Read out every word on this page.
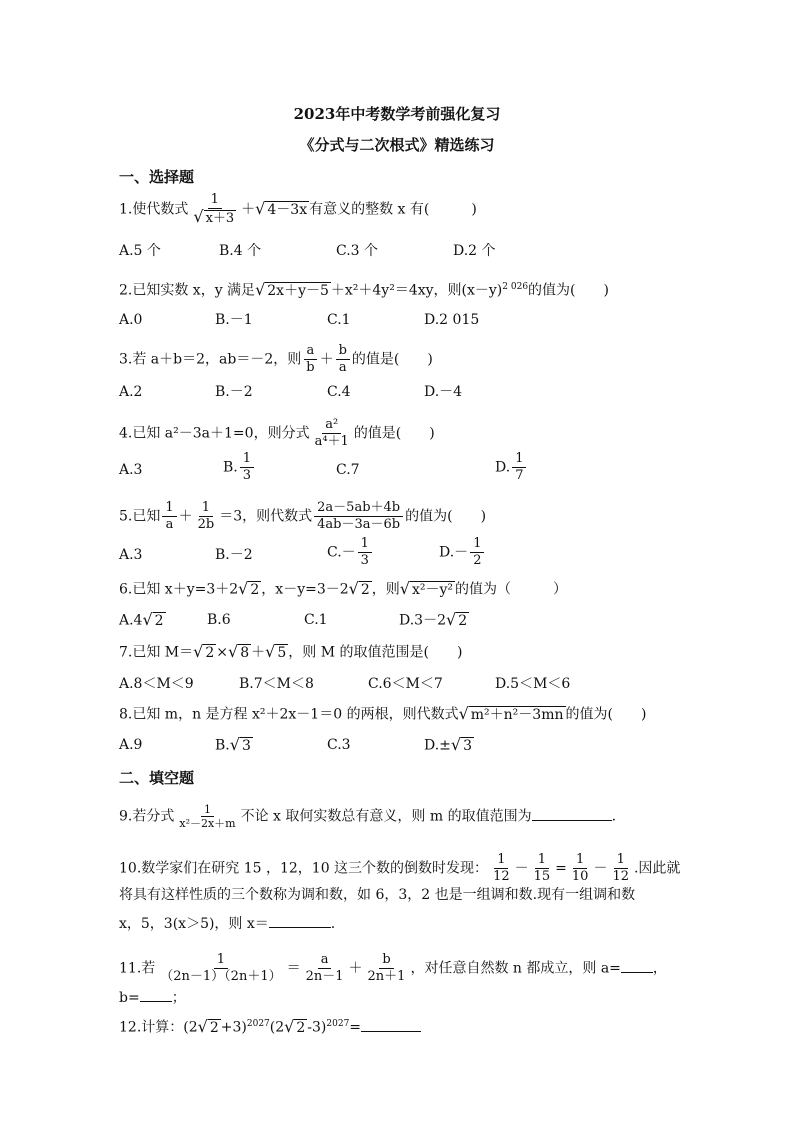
2023年中考数学考前强化复习
《分式与二次根式》精选练习
一、选择题
1.使代数式 $\frac{1}{√ x+3}$ ＋√ 4－3x 有意义的整数 x 有(　　　)
A.5 个	B.4 个	C.3 个	D.2 个
2.已知实数 x，y 满足√ 2x＋y－5 ＋x²＋4y²＝4xy，则$(x-y)^{2 026}$的值为(　　)
A.0	B.－1	C.1	D.2 015
3.若 a＋b＝2，ab＝－2，则 $\frac{a}{b} + \frac{b}{a}$ 的值是(　　)
A.2	B.－2	C.4	D.－4
4.已知 a²－3a＋1=0，则分式 $\frac{\text{a²}}{\text{a⁴＋1}}$ 的值是(　　)
A.3	B. $\frac{1}{3}$	C.7	D. $\frac{1}{7}$
5.已知 $\frac{1}{a} + \frac{1}{2b} =3$，则代数式 $\frac{2a-5ab+4b}{4ab-3a-6b}$ 的值为(　　)
A.3	B.－2	$C.- \frac{1}{3}$	$D.- \frac{1}{2}$
6.已知 x＋y=3＋2√ 2 ，x－y=3－2√ 2 ，则√ x²－y² 的值为（　　　）
A.4√ 2	B.6	C.1	D.3－2√ 2
7.已知 M＝√ 2 ×√ 8 ＋√ 5 ，则 M 的取值范围是(　　)
A.8＜M＜9	B.7＜M＜8	C.6＜M＜7	D.5＜M＜6
8.已知 m，n 是方程 x²＋2x－1＝0 的两根，则代数式√ m²＋n²－3mn 的值为(　　)
A.9	B.√ 3	C.3	D.±√ 3
二、填空题
9.若分式 $\frac{1}{\text{x²－2x＋m}}$ 不论 x 取何实数总有意义，则 m 的取值范围为	.
10.数学家们在研究 15 ，12，10 这三个数的倒数时发现： $\frac{1}{12} - \frac{1}{15} = \frac{1}{10} - \frac{1}{12}$ .因此就
将具有这样性质的三个数称为调和数，如 6，3，2 也是一组调和数.现有一组调和数
x，5，3(x＞5)，则 x＝	.
11.若 $\frac{1}{(2n-1)(2n+1)} = \frac{a}{2n-1} + \frac{b}{2n+1}$ ，对任意自然数 n 都成立，则 a= ，
b= ；
12.计算：(2√ 2 +3)$^{2027}$(2√ 2 -3)$^{2027}$=
